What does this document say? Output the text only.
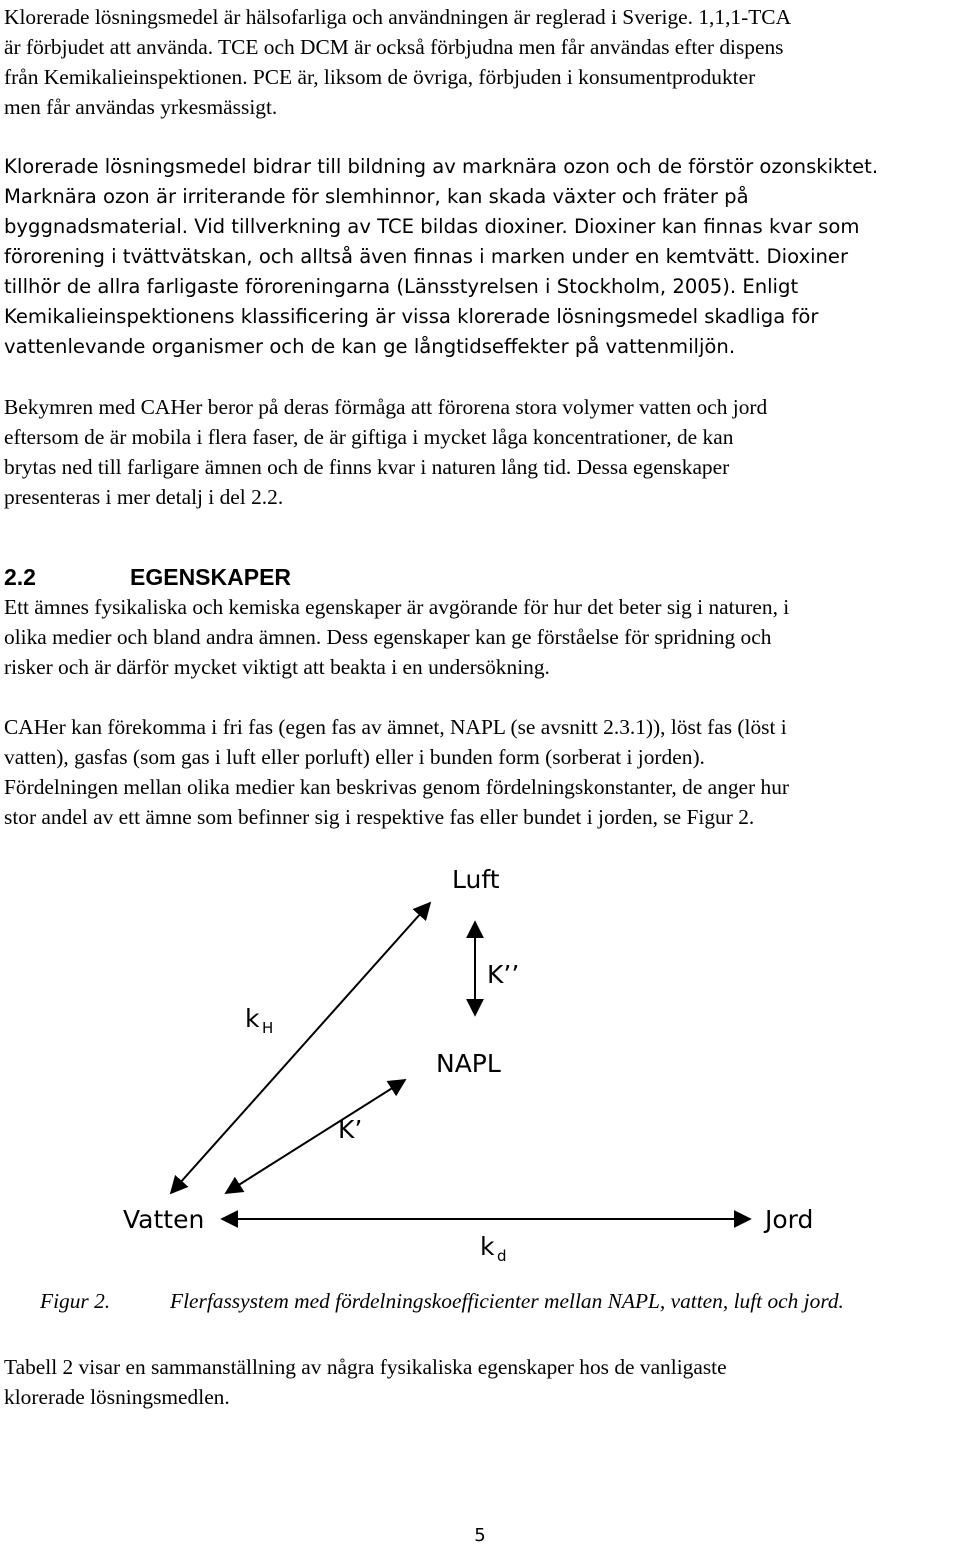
Klorerade lösningsmedel är hälsofarliga och användningen är reglerad i Sverige. 1,1,1-TCA
är förbjudet att använda. TCE och DCM är också förbjudna men får användas efter dispens
från Kemikalieinspektionen. PCE är, liksom de övriga, förbjuden i konsumentprodukter
men får användas yrkesmässigt.

Klorerade lösningsmedel bidrar till bildning av marknära ozon och de förstör ozonskiktet.
Marknära ozon är irriterande för slemhinnor, kan skada växter och fräter på
byggnadsmaterial. Vid tillverkning av TCE bildas dioxiner. Dioxiner kan finnas kvar som
förorening i tvättvätskan, och alltså även finnas i marken under en kemtvätt. Dioxiner
tillhör de allra farligaste föroreningarna (Länsstyrelsen i Stockholm, 2005). Enligt
Kemikalieinspektionens klassificering är vissa klorerade lösningsmedel skadliga för
vattenlevande organismer och de kan ge långtidseffekter på vattenmiljön.

Bekymren med CAHer beror på deras förmåga att förorena stora volymer vatten och jord
eftersom de är mobila i flera faser, de är giftiga i mycket låga koncentrationer, de kan
brytas ned till farligare ämnen och de finns kvar i naturen lång tid. Dessa egenskaper
presenteras i mer detalj i del 2.2.

2.2	EGENSKAPER

Ett ämnes fysikaliska och kemiska egenskaper är avgörande för hur det beter sig i naturen, i
olika medier och bland andra ämnen. Dess egenskaper kan ge förståelse för spridning och
risker och är därför mycket viktigt att beakta i en undersökning.

CAHer kan förekomma i fri fas (egen fas av ämnet, NAPL (se avsnitt 2.3.1)), löst fas (löst i
vatten), gasfas (som gas i luft eller porluft) eller i bunden form (sorberat i jorden).
Fördelningen mellan olika medier kan beskrivas genom fördelningskonstanter, de anger hur
stor andel av ett ämne som befinner sig i respektive fas eller bundet i jorden, se Figur 2.

Luft
NAPL
Vatten	Jord
k H
K’’
K’
k d

Figur 2.	Flerfassystem med fördelningskoefficienter mellan NAPL, vatten, luft och jord.

Tabell 2 visar en sammanställning av några fysikaliska egenskaper hos de vanligaste
klorerade lösningsmedlen.

5
